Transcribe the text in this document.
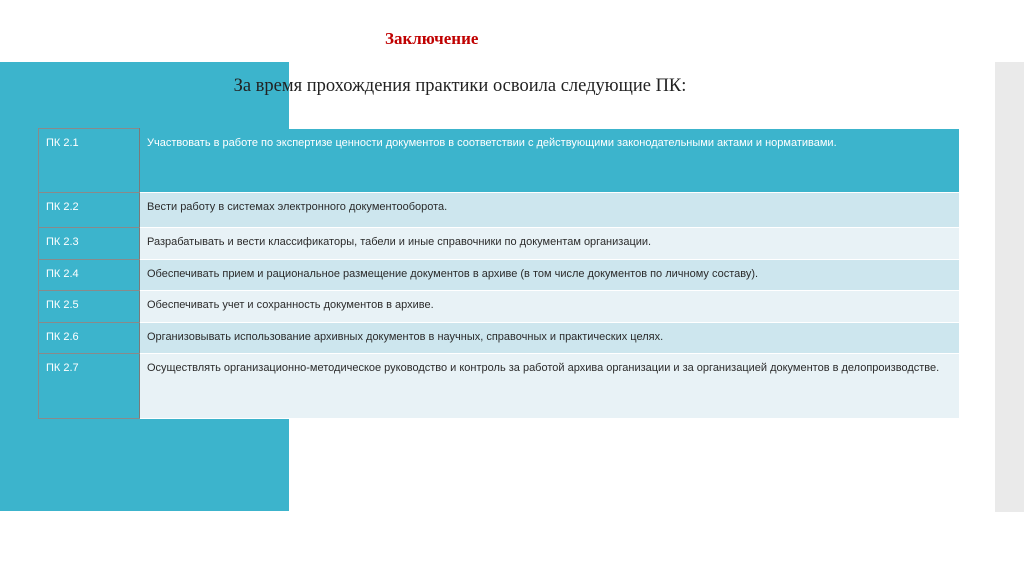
Заключение
За время прохождения практики освоила следующие ПК:
ПК 2.1	Участвовать в работе по экспертизе ценности документов в соответствии с действующими законодательными актами и нормативами.
ПК 2.2	Вести работу в системах электронного документооборота.
ПК 2.3	Разрабатывать и вести классификаторы, табели и иные справочники по документам организации.
ПК 2.4	Обеспечивать прием и рациональное размещение документов в архиве (в том числе документов по личному составу).
ПК 2.5	Обеспечивать учет и сохранность документов в архиве.
ПК 2.6	Организовывать использование архивных документов в научных, справочных и практических целях.
ПК 2.7	Осуществлять организационно-методическое руководство и контроль за работой архива организации и за организацией документов в делопроизводстве.
